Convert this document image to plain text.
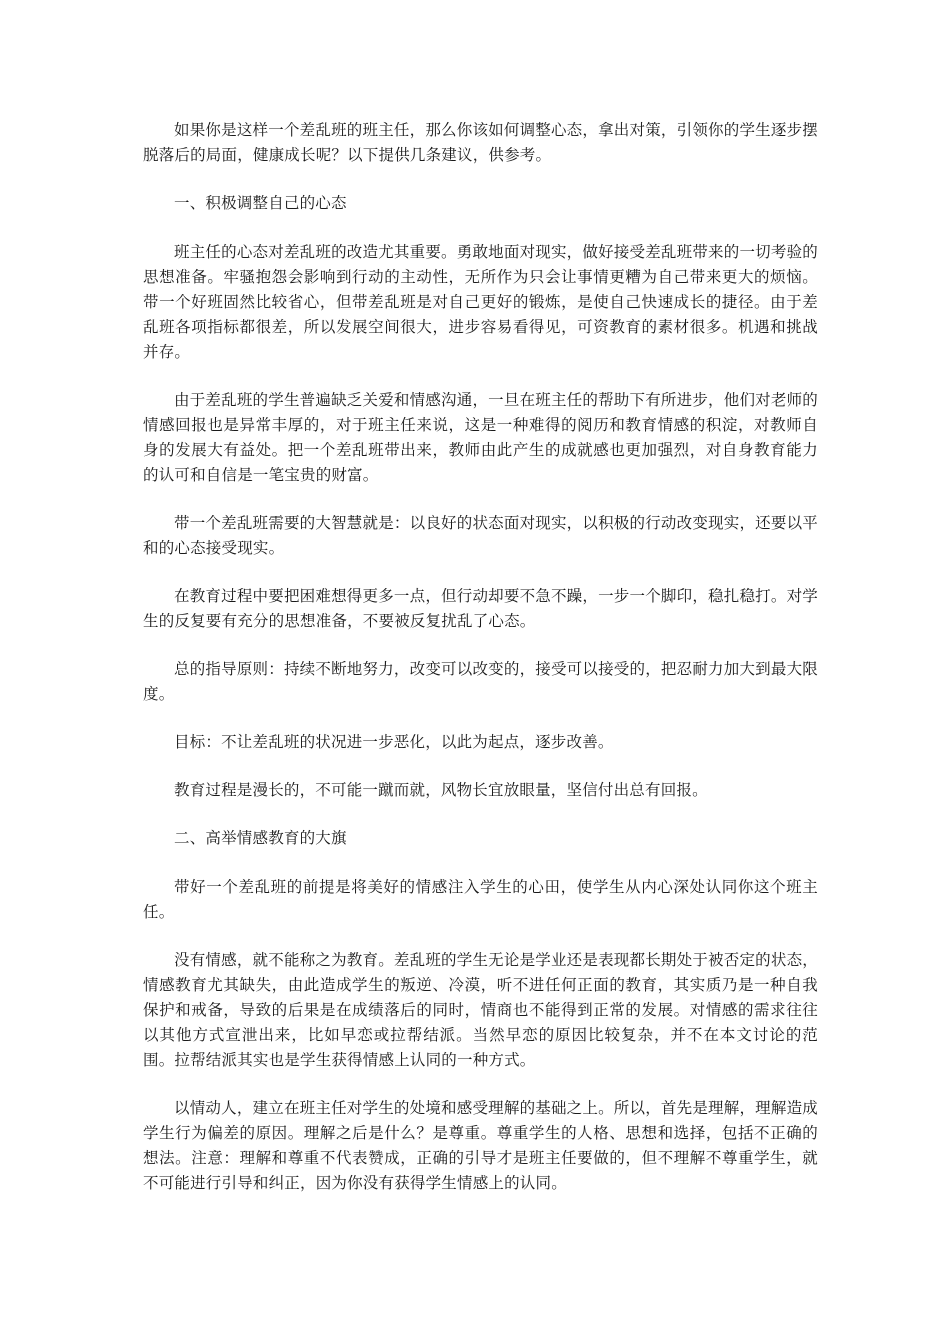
如果你是这样一个差乱班的班主任，那么你该如何调整心态，拿出对策，引领你的学生逐步摆脱落后的局面，健康成长呢？以下提供几条建议，供参考。

一、积极调整自己的心态

班主任的心态对差乱班的改造尤其重要。勇敢地面对现实，做好接受差乱班带来的一切考验的思想准备。牢骚抱怨会影响到行动的主动性，无所作为只会让事情更糟为自己带来更大的烦恼。带一个好班固然比较省心，但带差乱班是对自己更好的锻炼，是使自己快速成长的捷径。由于差乱班各项指标都很差，所以发展空间很大，进步容易看得见，可资教育的素材很多。机遇和挑战并存。

由于差乱班的学生普遍缺乏关爱和情感沟通，一旦在班主任的帮助下有所进步，他们对老师的情感回报也是异常丰厚的，对于班主任来说，这是一种难得的阅历和教育情感的积淀，对教师自身的发展大有益处。把一个差乱班带出来，教师由此产生的成就感也更加强烈，对自身教育能力的认可和自信是一笔宝贵的财富。

带一个差乱班需要的大智慧就是：以良好的状态面对现实，以积极的行动改变现实，还要以平和的心态接受现实。

在教育过程中要把困难想得更多一点，但行动却要不急不躁，一步一个脚印，稳扎稳打。对学生的反复要有充分的思想准备，不要被反复扰乱了心态。

总的指导原则：持续不断地努力，改变可以改变的，接受可以接受的，把忍耐力加大到最大限度。

目标：不让差乱班的状况进一步恶化，以此为起点，逐步改善。

教育过程是漫长的，不可能一蹴而就，风物长宜放眼量，坚信付出总有回报。

二、高举情感教育的大旗

带好一个差乱班的前提是将美好的情感注入学生的心田，使学生从内心深处认同你这个班主任。

没有情感，就不能称之为教育。差乱班的学生无论是学业还是表现都长期处于被否定的状态，情感教育尤其缺失，由此造成学生的叛逆、冷漠，听不进任何正面的教育，其实质乃是一种自我保护和戒备，导致的后果是在成绩落后的同时，情商也不能得到正常的发展。对情感的需求往往以其他方式宣泄出来，比如早恋或拉帮结派。当然早恋的原因比较复杂，并不在本文讨论的范围。拉帮结派其实也是学生获得情感上认同的一种方式。

以情动人，建立在班主任对学生的处境和感受理解的基础之上。所以，首先是理解，理解造成学生行为偏差的原因。理解之后是什么？是尊重。尊重学生的人格、思想和选择，包括不正确的想法。注意：理解和尊重不代表赞成，正确的引导才是班主任要做的，但不理解不尊重学生，就不可能进行引导和纠正，因为你没有获得学生情感上的认同。
